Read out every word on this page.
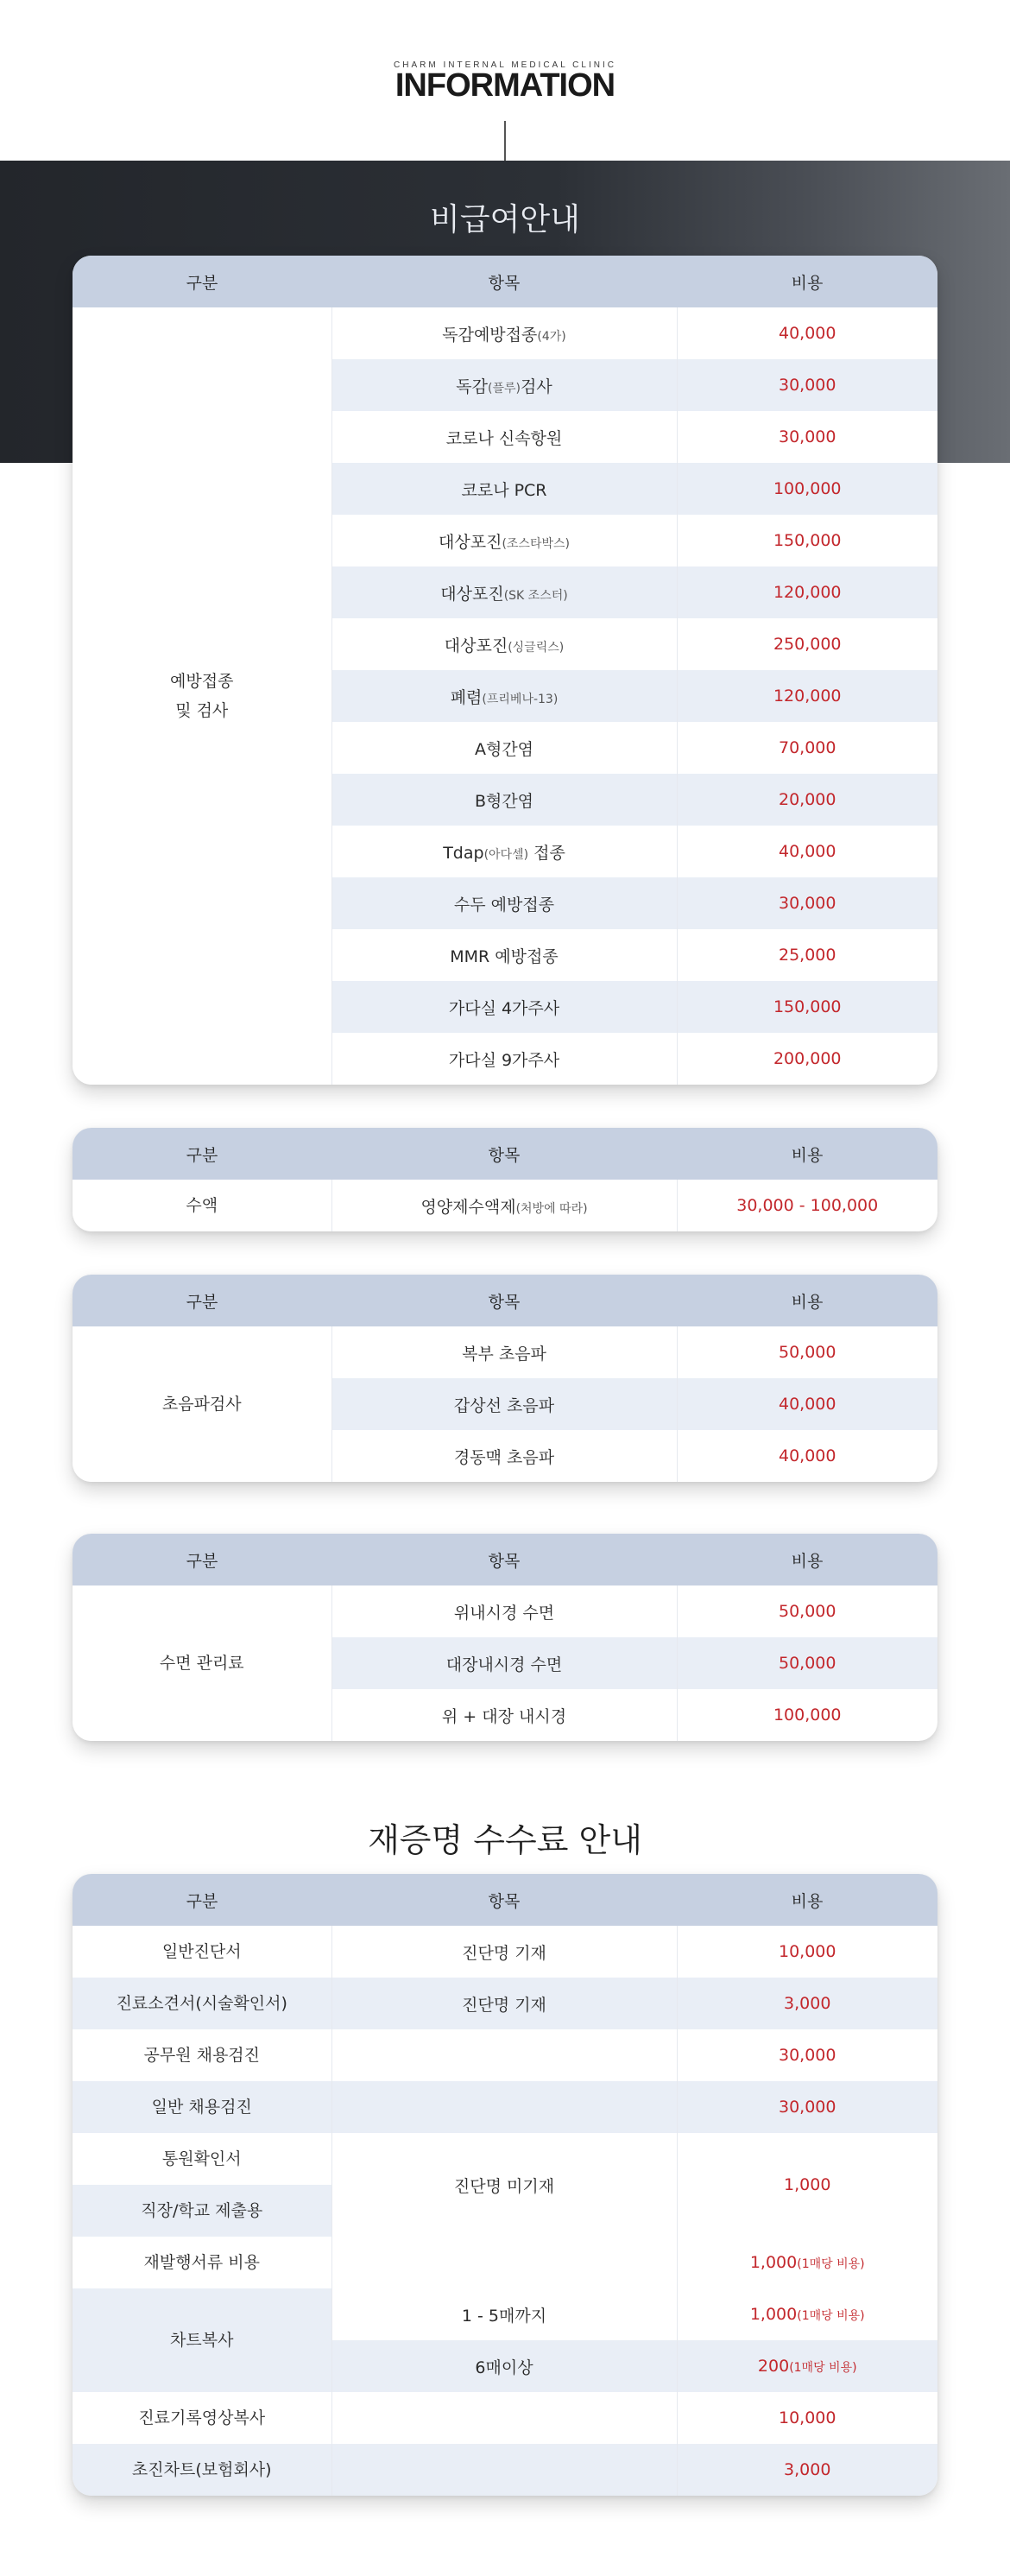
CHARM INTERNAL MEDICAL CLINIC
INFORMATION
비급여안내
구분	항목	비용
예방접종
및 검사	독감예방접종(4가)	40,000
	독감(플루)검사	30,000
	코로나 신속항원	30,000
	코로나 PCR	100,000
	대상포진(조스타박스)	150,000
	대상포진(SK 조스터)	120,000
	대상포진(싱글릭스)	250,000
	폐렴(프리베나-13)	120,000
	A형간염	70,000
	B형간염	20,000
	Tdap(아다셀) 접종	40,000
	수두 예방접종	30,000
	MMR 예방접종	25,000
	가다실 4가주사	150,000
	가다실 9가주사	200,000
구분	항목	비용
수액	영양제수액제(처방에 따라)	30,000 - 100,000
구분	항목	비용
초음파검사	복부 초음파	50,000
	갑상선 초음파	40,000
	경동맥 초음파	40,000
구분	항목	비용
수면 관리료	위내시경 수면	50,000
	대장내시경 수면	50,000
	위 + 대장 내시경	100,000
재증명 수수료 안내
구분	항목	비용
일반진단서	진단명 기재	10,000
진료소견서(시술확인서)	진단명 기재	3,000
공무원 채용검진		30,000
일반 채용검진		30,000
통원확인서	진단명 미기재	1,000
직장/학교 제출용		
재발행서류 비용		1,000(1매당 비용)
차트복사	1 - 5매까지	1,000(1매당 비용)
	6매이상	200(1매당 비용)
진료기록영상복사		10,000
초진차트(보험회사)		3,000
